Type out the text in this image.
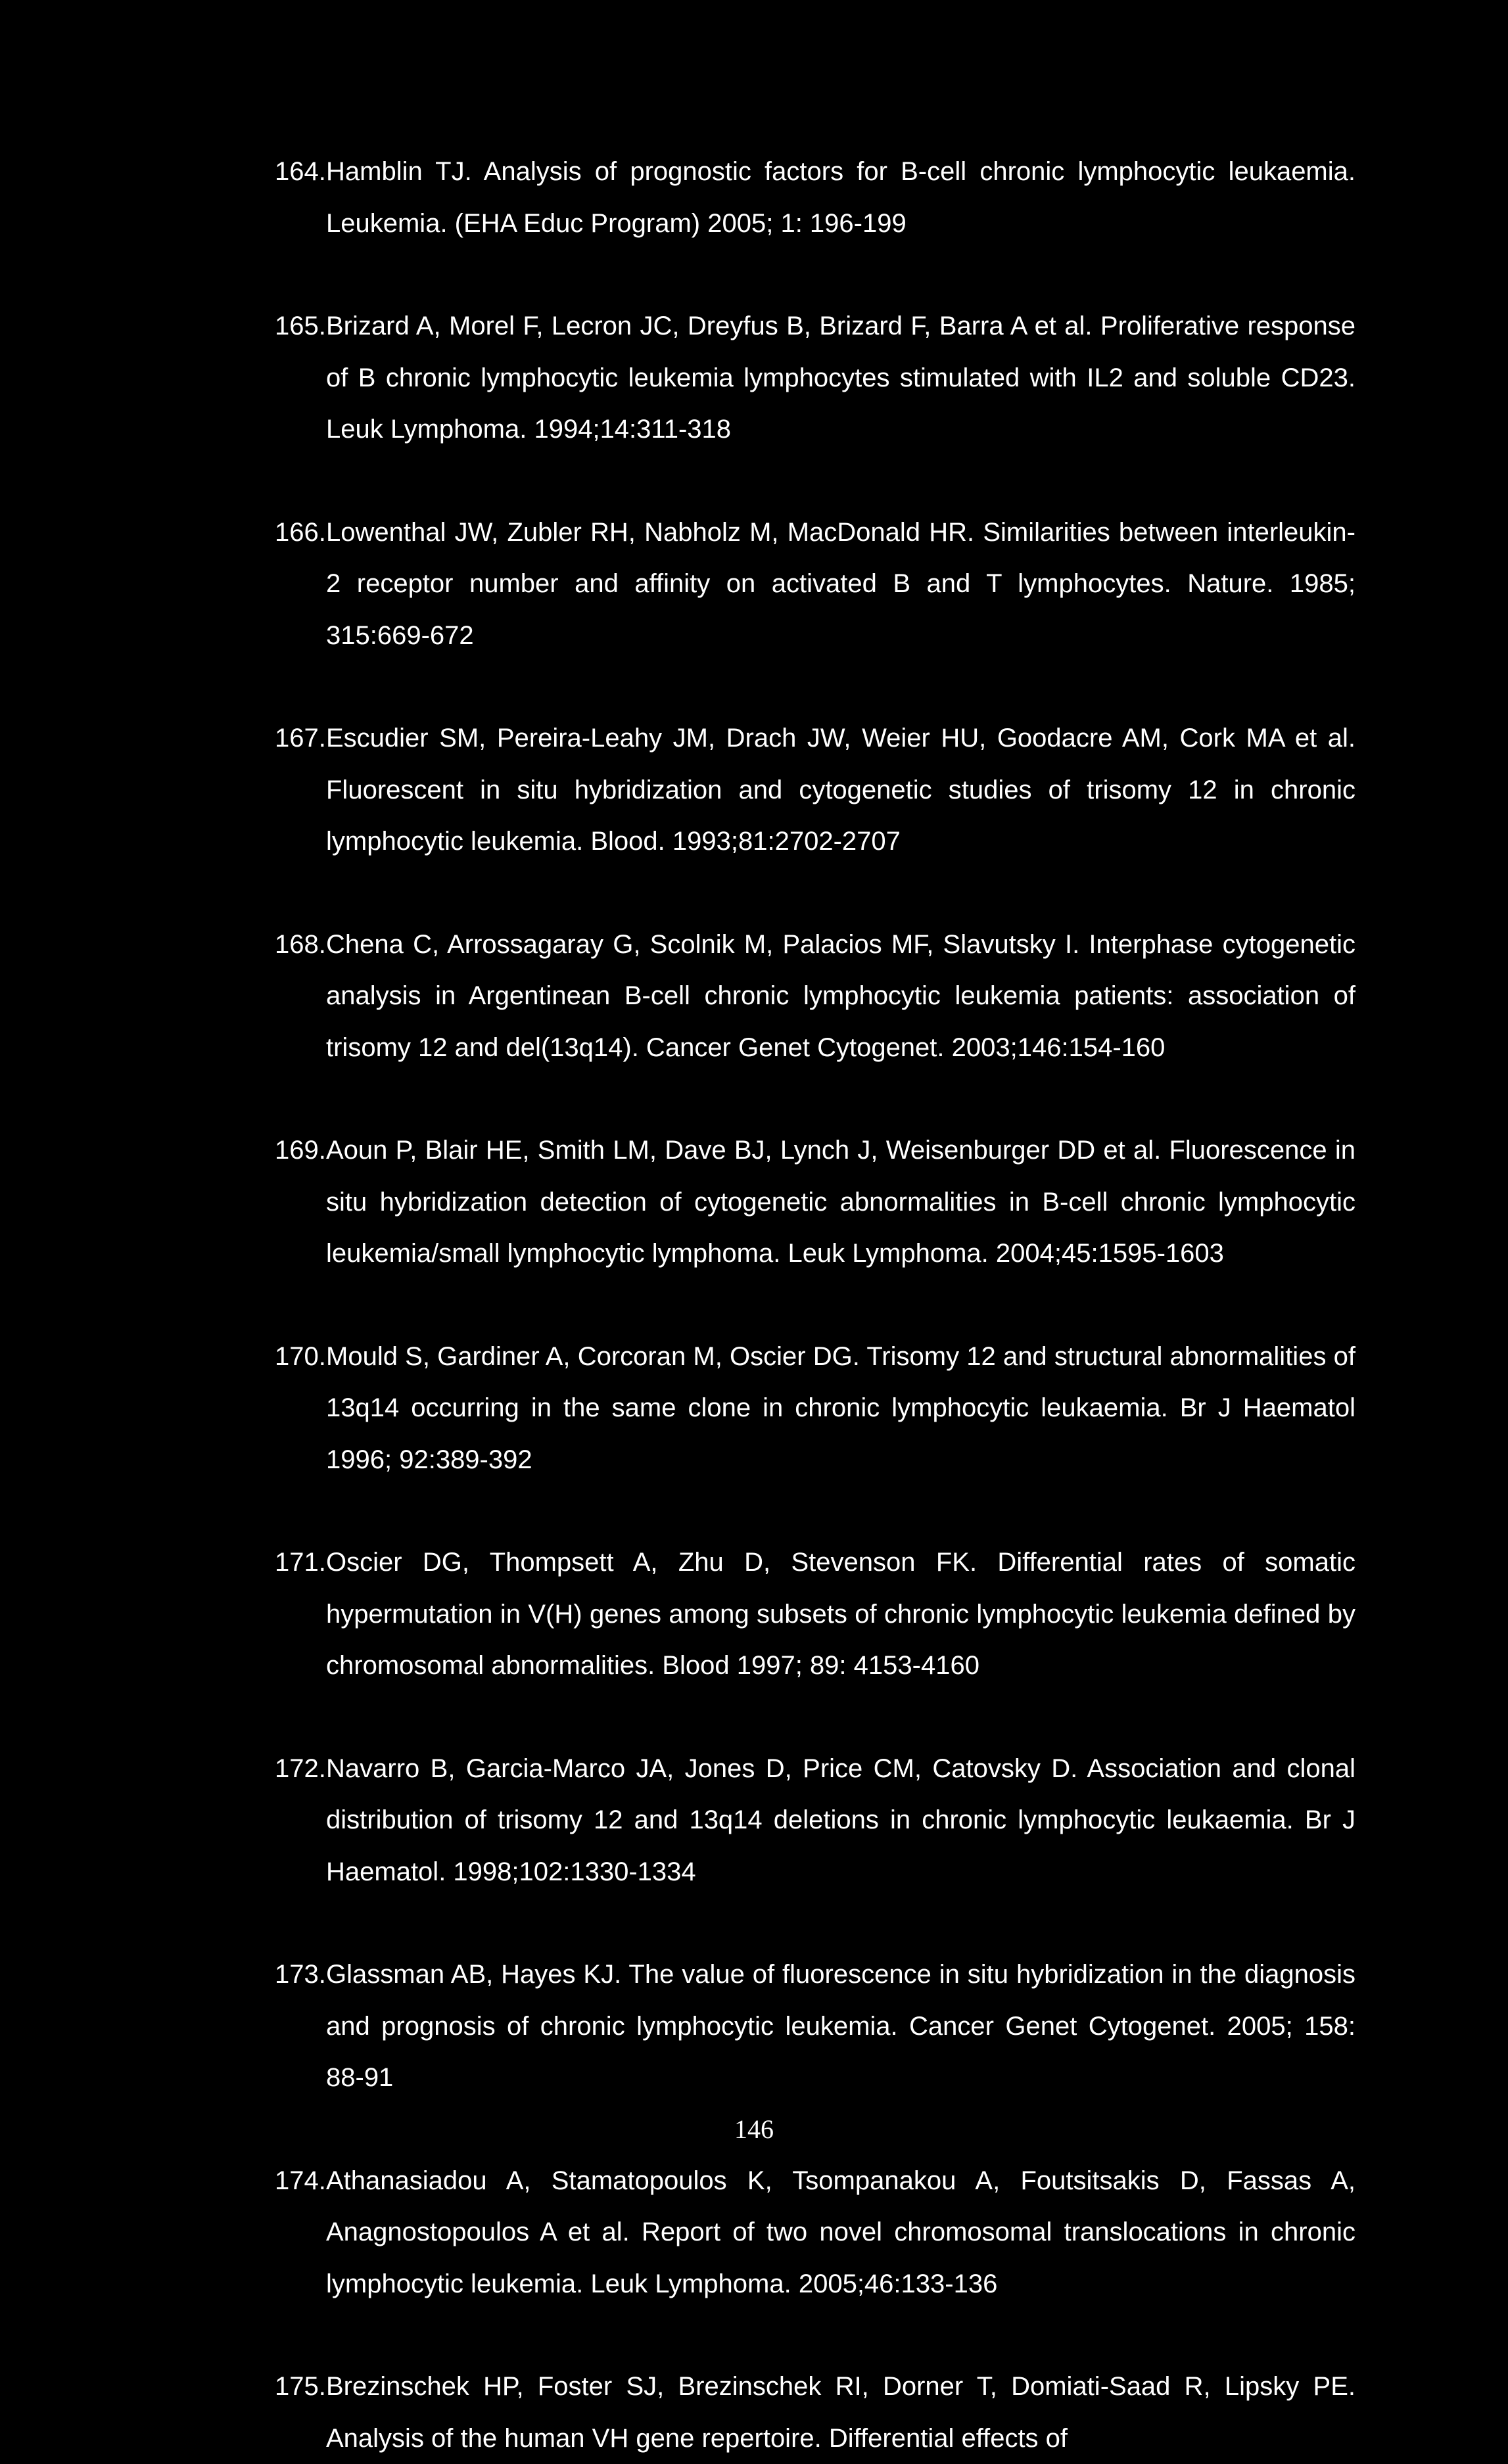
164. Hamblin TJ. Analysis of prognostic factors for B-cell chronic lymphocytic leukaemia. Leukemia. (EHA Educ Program) 2005; 1: 196-199
165. Brizard A, Morel F, Lecron JC, Dreyfus B, Brizard F, Barra A et al. Proliferative response of B chronic lymphocytic leukemia lymphocytes stimulated with IL2 and soluble CD23. Leuk Lymphoma. 1994;14:311-318
166. Lowenthal JW, Zubler RH, Nabholz M, MacDonald HR. Similarities between interleukin-2 receptor number and affinity on activated B and T lymphocytes. Nature. 1985; 315:669-672
167. Escudier SM, Pereira-Leahy JM, Drach JW, Weier HU, Goodacre AM, Cork MA et al. Fluorescent in situ hybridization and cytogenetic studies of trisomy 12 in chronic lymphocytic leukemia. Blood. 1993;81:2702-2707
168. Chena C, Arrossagaray G, Scolnik M, Palacios MF, Slavutsky I. Interphase cytogenetic analysis in Argentinean B-cell chronic lymphocytic leukemia patients: association of trisomy 12 and del(13q14). Cancer Genet Cytogenet. 2003;146:154-160
169. Aoun P, Blair HE, Smith LM, Dave BJ, Lynch J, Weisenburger DD et al. Fluorescence in situ hybridization detection of cytogenetic abnormalities in B-cell chronic lymphocytic leukemia/small lymphocytic lymphoma. Leuk Lymphoma. 2004;45:1595-1603
170. Mould S, Gardiner A, Corcoran M, Oscier DG. Trisomy 12 and structural abnormalities of 13q14 occurring in the same clone in chronic lymphocytic leukaemia. Br J Haematol 1996; 92:389-392
171. Oscier DG, Thompsett A, Zhu D, Stevenson FK. Differential rates of somatic hypermutation in V(H) genes among subsets of chronic lymphocytic leukemia defined by chromosomal abnormalities. Blood 1997; 89: 4153-4160
172. Navarro B, Garcia-Marco JA, Jones D, Price CM, Catovsky D. Association and clonal distribution of trisomy 12 and 13q14 deletions in chronic lymphocytic leukaemia. Br J Haematol. 1998;102:1330-1334
173. Glassman AB, Hayes KJ. The value of fluorescence in situ hybridization in the diagnosis and prognosis of chronic lymphocytic leukemia. Cancer Genet Cytogenet. 2005; 158: 88-91
174. Athanasiadou A, Stamatopoulos K, Tsompanakou A, Foutsitsakis D, Fassas A, Anagnostopoulos A et al. Report of two novel chromosomal translocations in chronic lymphocytic leukemia. Leuk Lymphoma. 2005;46:133-136
175. Brezinschek HP, Foster SJ, Brezinschek RI, Dorner T, Domiati-Saad R, Lipsky PE. Analysis of the human VH gene repertoire. Differential effects of
146
